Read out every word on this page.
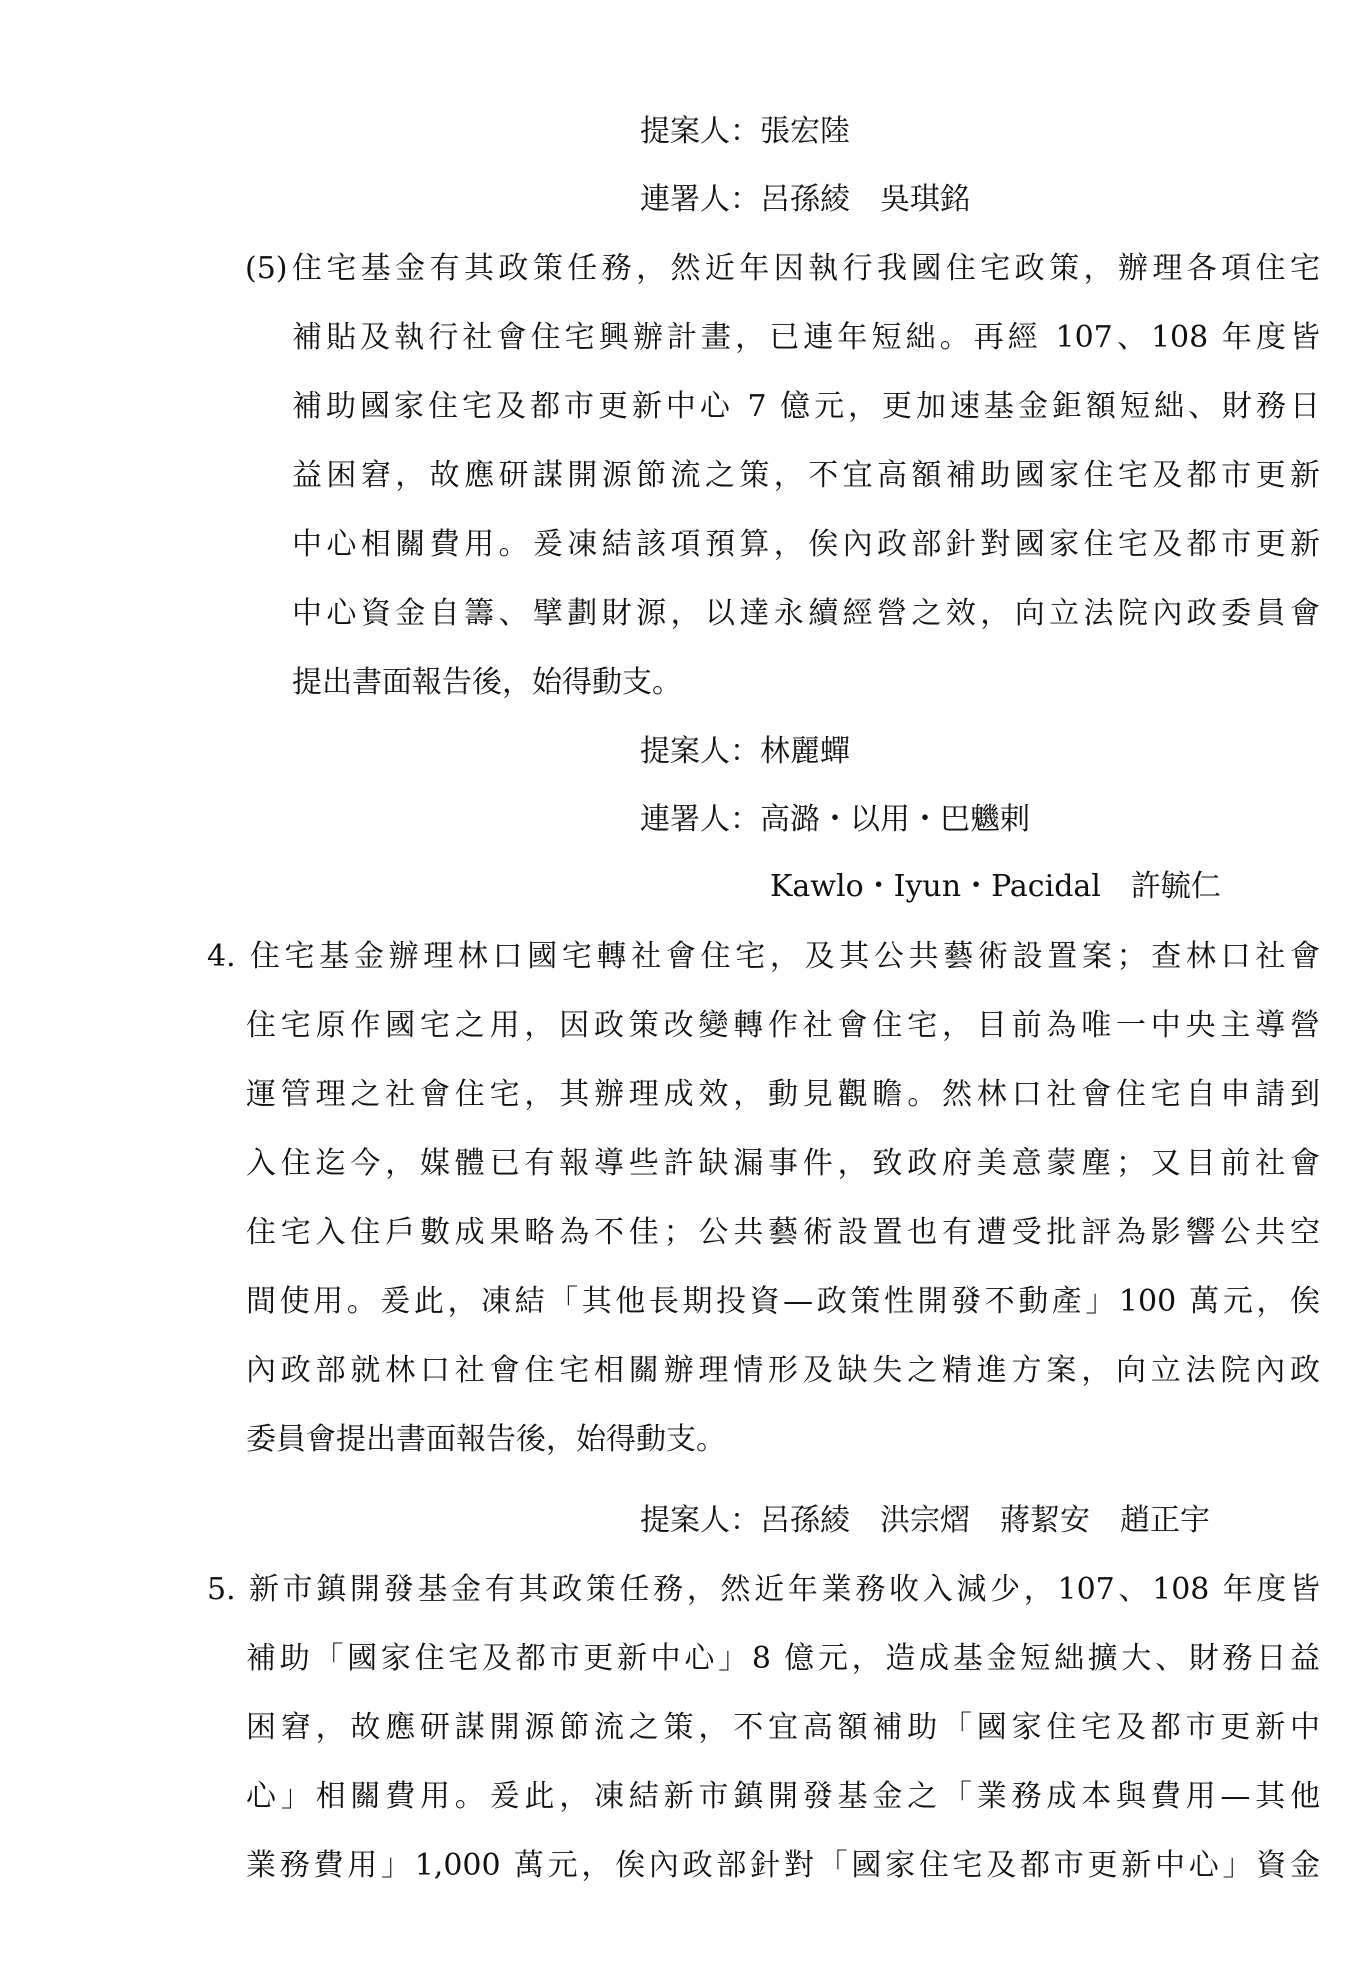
提案人：張宏陸
連署人：呂孫綾　吳琪銘
(5)住宅基金有其政策任務，然近年因執行我國住宅政策，辦理各項住宅
補貼及執行社會住宅興辦計畫，已連年短絀。再經 107、108 年度皆
補助國家住宅及都市更新中心 7 億元，更加速基金鉅額短絀、財務日
益困窘，故應研謀開源節流之策，不宜高額補助國家住宅及都市更新
中心相關費用。爰凍結該項預算，俟內政部針對國家住宅及都市更新
中心資金自籌、擘劃財源，以達永續經營之效，向立法院內政委員會
提出書面報告後，始得動支。
提案人：林麗蟬
連署人：高潞・以用・巴魕剌
Kawlo・Iyun・Pacidal　許毓仁
4. 住宅基金辦理林口國宅轉社會住宅，及其公共藝術設置案；查林口社會
住宅原作國宅之用，因政策改變轉作社會住宅，目前為唯一中央主導營
運管理之社會住宅，其辦理成效，動見觀瞻。然林口社會住宅自申請到
入住迄今，媒體已有報導些許缺漏事件，致政府美意蒙塵；又目前社會
住宅入住戶數成果略為不佳；公共藝術設置也有遭受批評為影響公共空
間使用。爰此，凍結「其他長期投資—政策性開發不動產」100 萬元，俟
內政部就林口社會住宅相關辦理情形及缺失之精進方案，向立法院內政
委員會提出書面報告後，始得動支。
提案人：呂孫綾　洪宗熠　蔣絜安　趙正宇
5. 新市鎮開發基金有其政策任務，然近年業務收入減少，107、108 年度皆
補助「國家住宅及都市更新中心」8 億元，造成基金短絀擴大、財務日益
困窘，故應研謀開源節流之策，不宜高額補助「國家住宅及都市更新中
心」相關費用。爰此，凍結新市鎮開發基金之「業務成本與費用—其他
業務費用」1,000 萬元，俟內政部針對「國家住宅及都市更新中心」資金
